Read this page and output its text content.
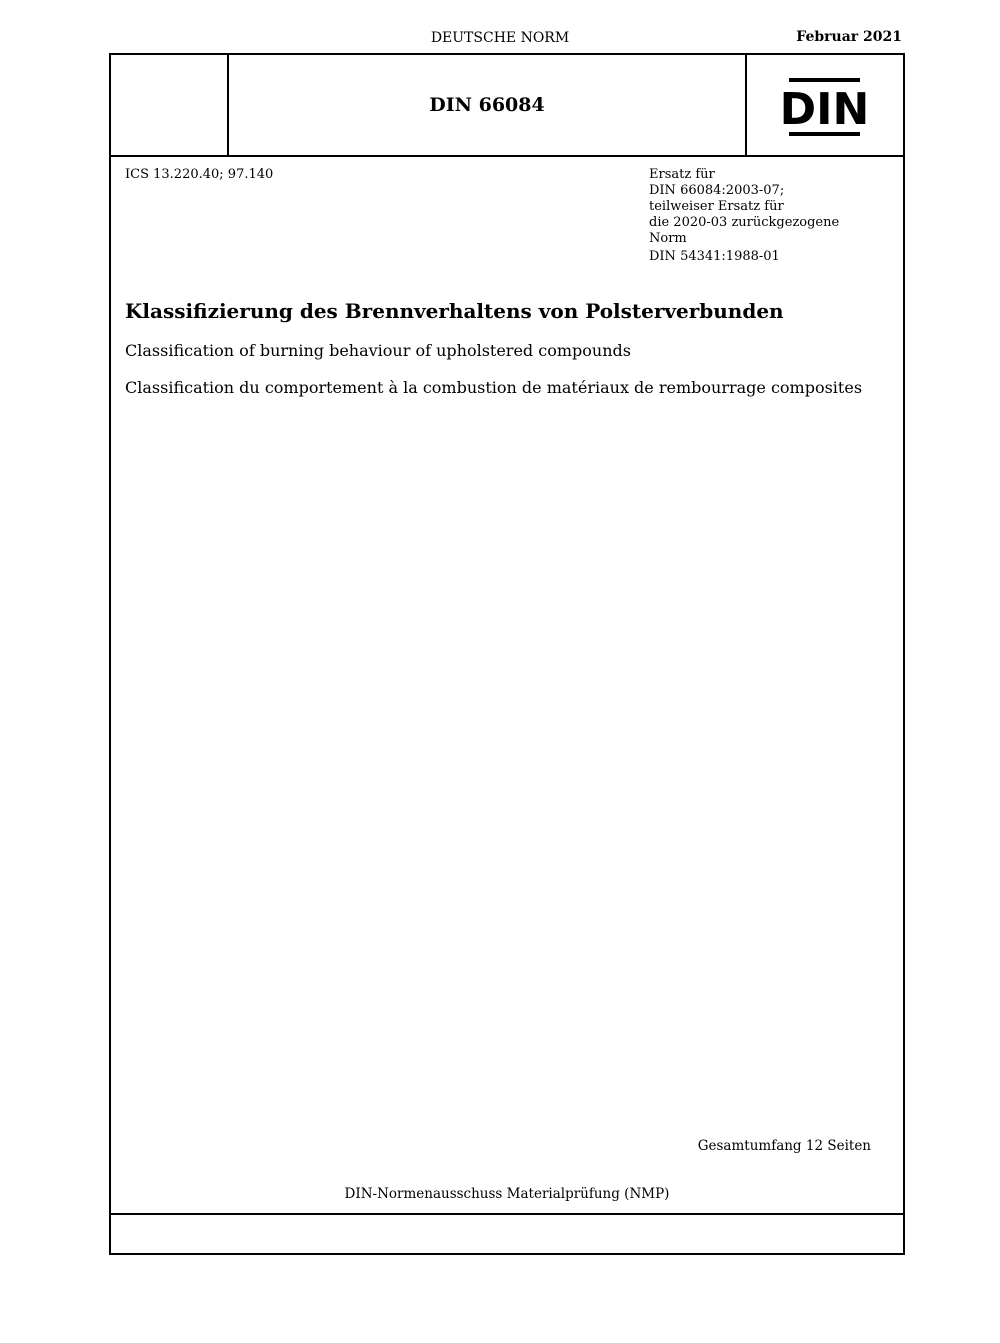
DEUTSCHE NORM	Februar 2021
DIN 66084	DIN
ICS 13.220.40; 97.140	Ersatz für
DIN 66084:2003-07;
teilweiser Ersatz für
die 2020-03 zurückgezogene
Norm
DIN 54341:1988-01
Klassifizierung des Brennverhaltens von Polsterverbunden
Classification of burning behaviour of upholstered compounds
Classification du comportement à la combustion de matériaux de rembourrage composites
Gesamtumfang 12 Seiten
DIN-Normenausschuss Materialprüfung (NMP)
